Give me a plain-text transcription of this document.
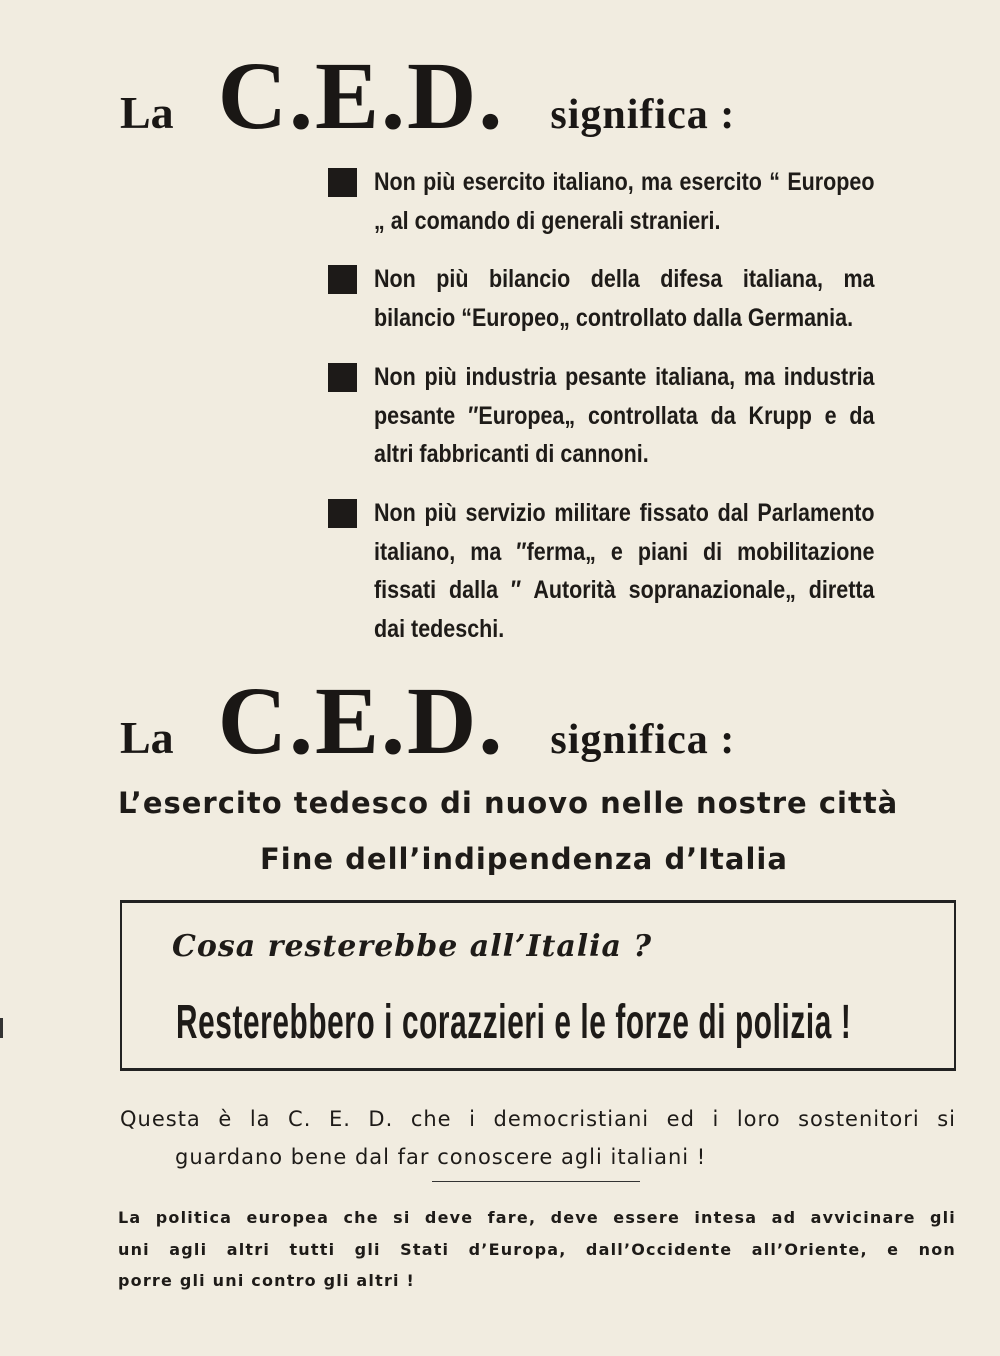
La C.E.D. significa :
Non più esercito italiano, ma esercito “ Europeo „ al comando di generali stranieri.
Non più bilancio della difesa italiana, ma bilancio “Europeo„ controllato dalla Germania.
Non più industria pesante italiana, ma industria pesante ″Europea„ controllata da Krupp e da altri fabbricanti di cannoni.
Non più servizio militare fissato dal Parlamento italiano, ma ″ferma„ e piani di mobilitazione fissati dalla ″ Autorità sopranazionale„ diretta dai tedeschi.
La C.E.D. significa :
L’esercito tedesco di nuovo nelle nostre città
Fine dell’indipendenza d’Italia
Cosa resterebbe all’Italia ?
Resterebbero i corazzieri e le forze di polizia !
Questa è la C. E. D. che i democristiani ed i loro sostenitori si
guardano bene dal far conoscere agli italiani !
La politica europea che si deve fare, deve essere intesa ad avvicinare gli
uni agli altri tutti gli Stati d’Europa, dall’Occidente all’Oriente, e non
porre gli uni contro gli altri !
